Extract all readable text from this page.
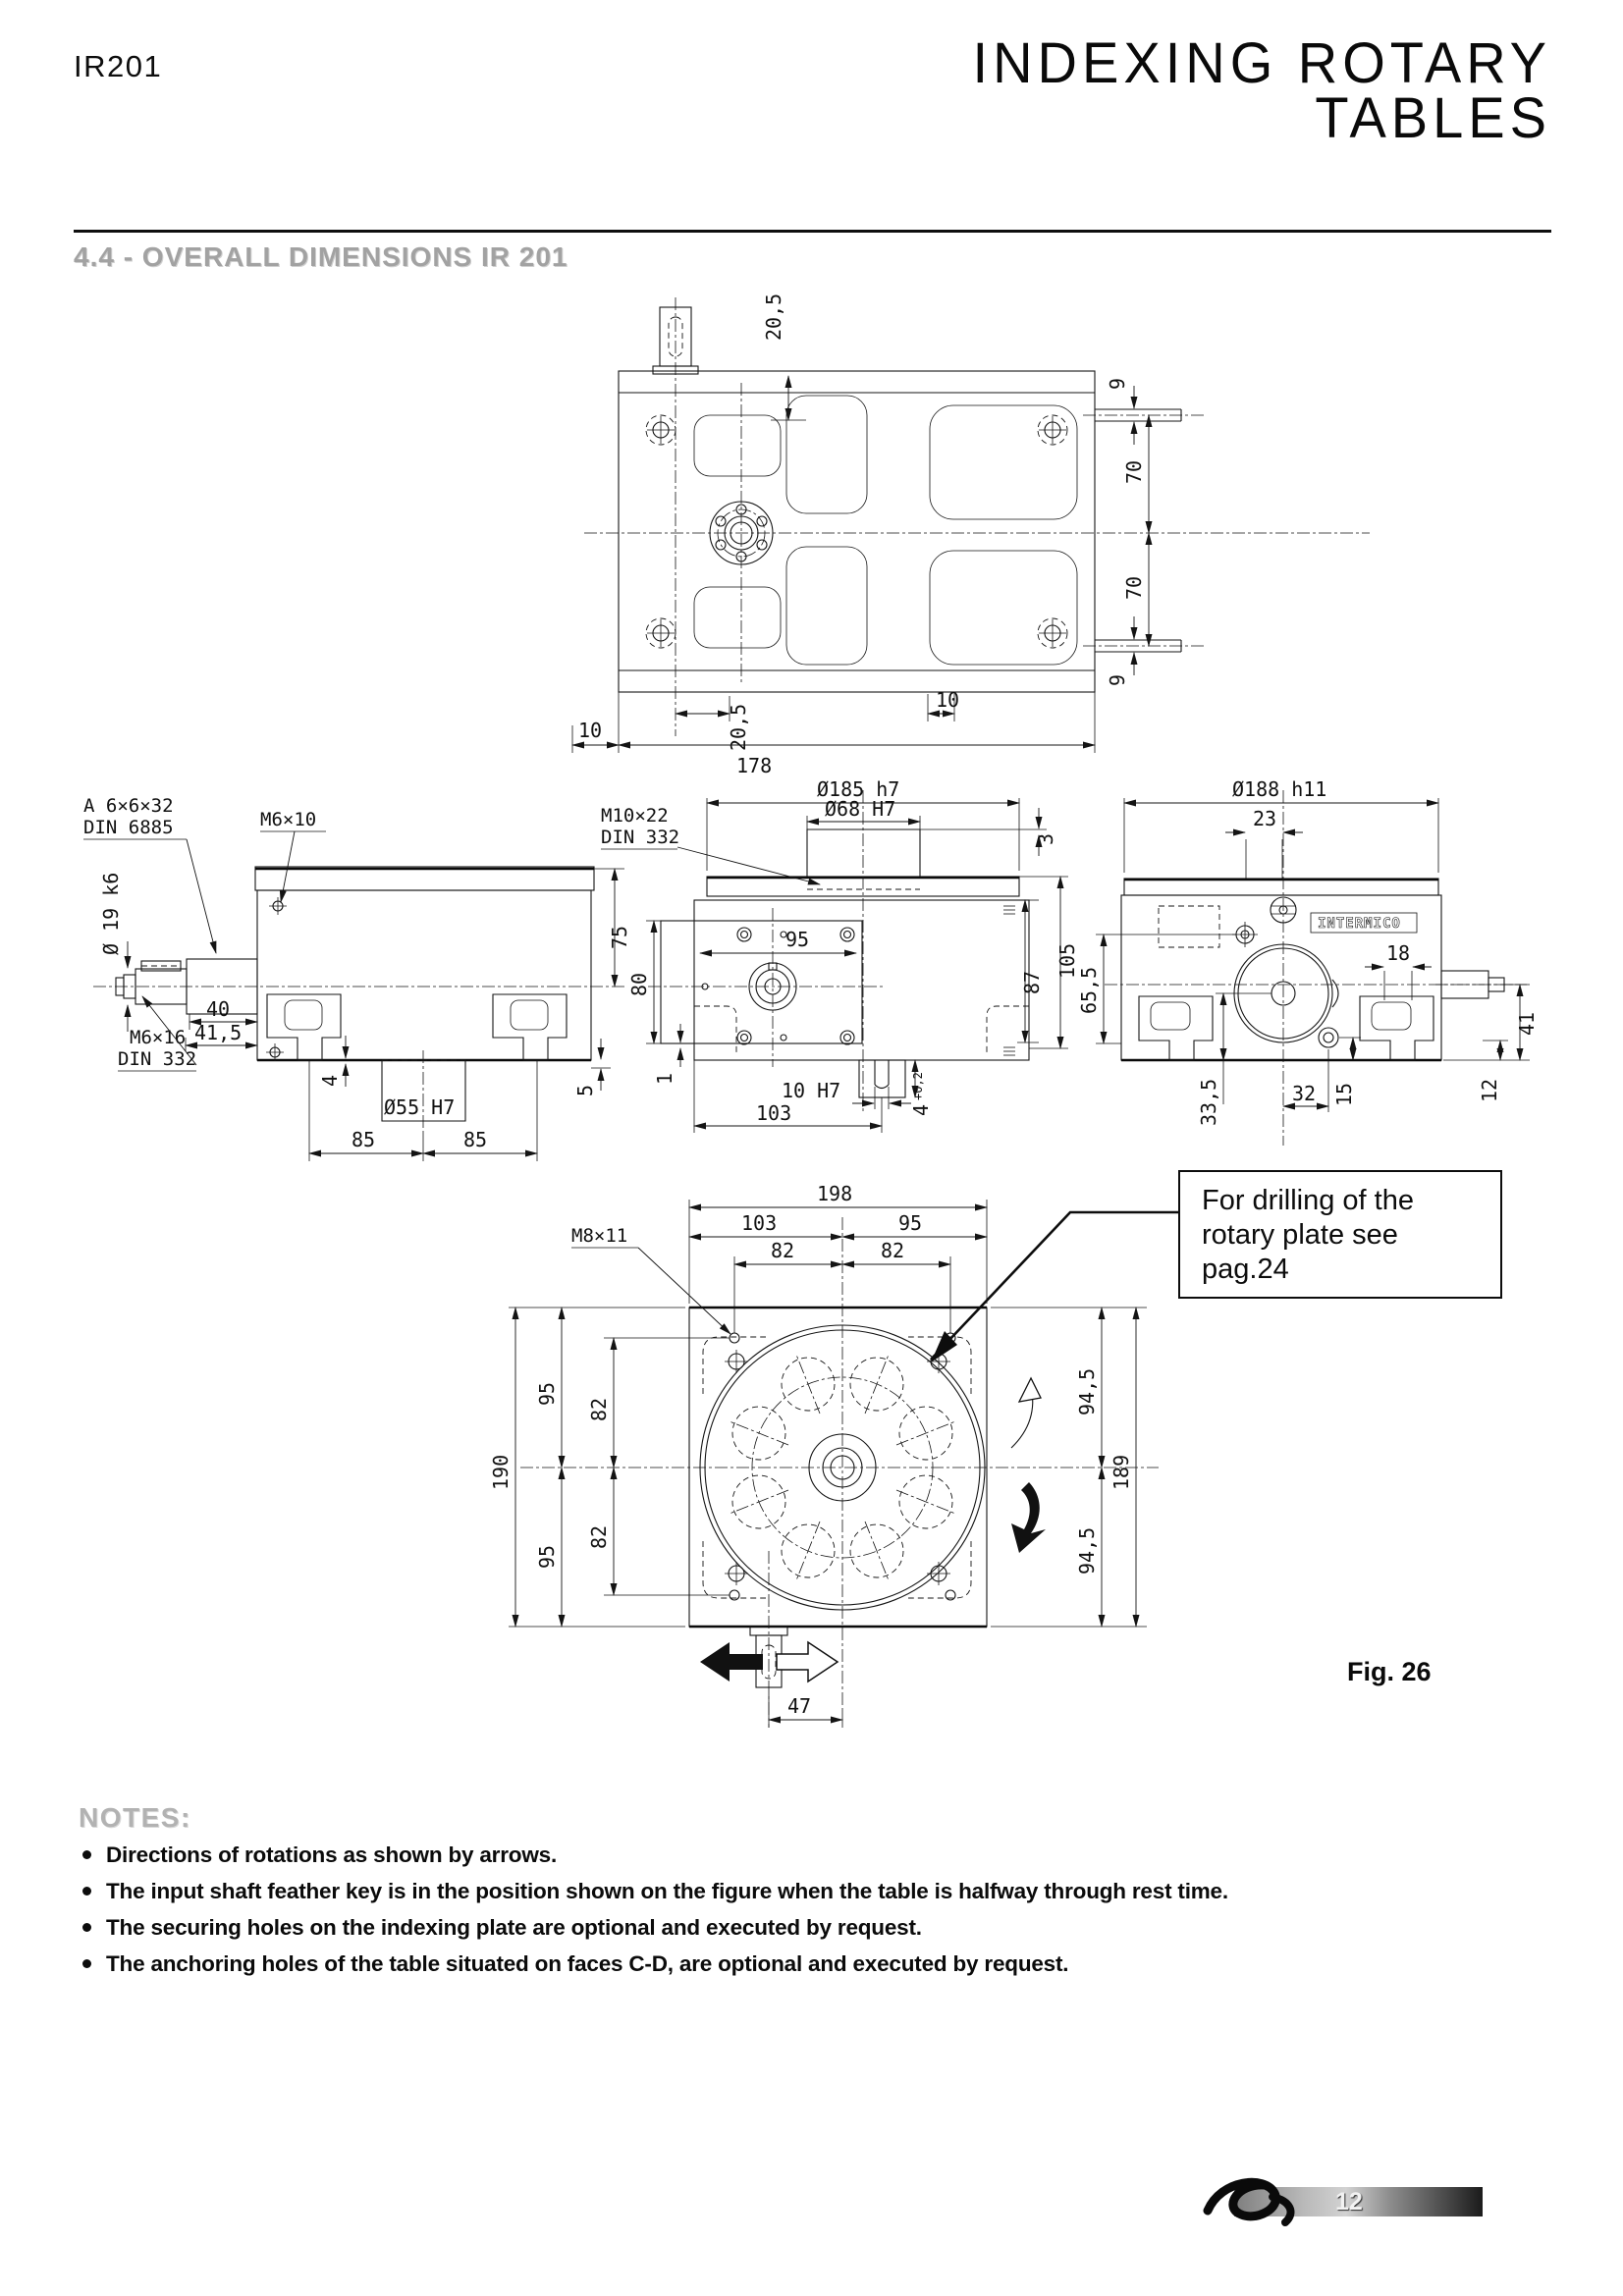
IR201	INDEXING ROTARY
TABLES
4.4 - OVERALL DIMENSIONS IR 201
20,5
9
70
70
9
20,5
10
10
178
A 6×6×32
DIN 6885	M6×10
Ø 19 k6
M6×16
DIN 332
40
41,5
4
Ø55 H7
85	85
75
5
M10×22
DIN 332
Ø185 h7
Ø68 H7
3
95
80
1
87
105
10 H7
103	4
+0,2
INTERMICO
Ø188 h11
23
65,5
18
41
33,5	32 15	12
M8×11
198
103	95
82	82
190
95
95
82
82
94,5
94,5
189
47
For drilling of the
rotary plate see
pag.24
Fig. 26
NOTES:
Directions of rotations as shown by arrows.
The input shaft feather key is in the position shown on the figure when the table is halfway through rest time.
The securing holes on the indexing plate are optional and executed by request.
The anchoring holes of the table situated on faces C-D, are optional and executed by request.
12
